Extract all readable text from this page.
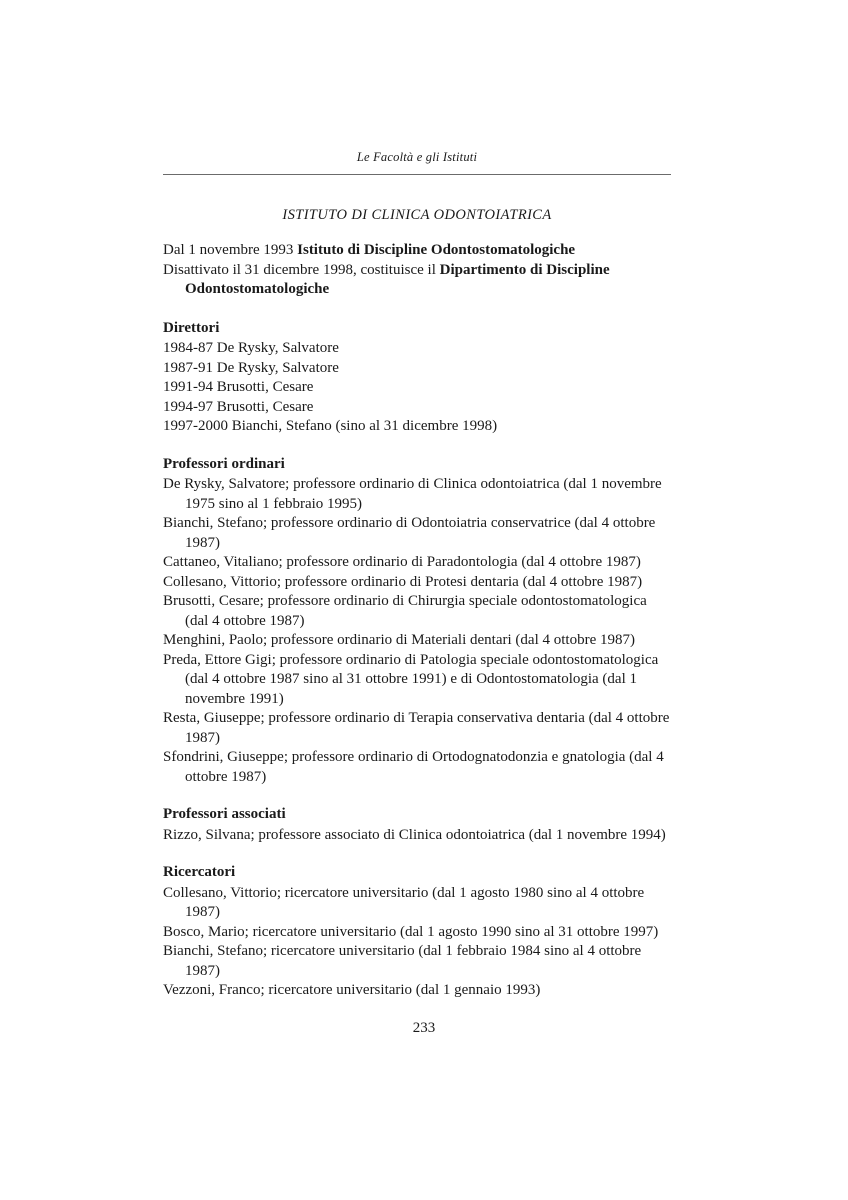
Le Facoltà e gli Istituti
ISTITUTO DI CLINICA ODONTOIATRICA

Dal 1 novembre 1993 Istituto di Discipline Odontostomatologiche

Disattivato il 31 dicembre 1998, costituisce il Dipartimento di Discipline Odontostomatologiche

Direttori

1984-87 De Rysky, Salvatore

1987-91 De Rysky, Salvatore

1991-94 Brusotti, Cesare

1994-97 Brusotti, Cesare

1997-2000 Bianchi, Stefano (sino al 31 dicembre 1998)

Professori ordinari

De Rysky, Salvatore; professore ordinario di Clinica odontoiatrica (dal 1 novembre 1975 sino al 1 febbraio 1995)

Bianchi, Stefano; professore ordinario di Odontoiatria conservatrice (dal 4 ottobre 1987)

Cattaneo, Vitaliano; professore ordinario di Paradontologia (dal 4 ottobre 1987)

Collesano, Vittorio; professore ordinario di Protesi dentaria (dal 4 ottobre 1987)

Brusotti, Cesare; professore ordinario di Chirurgia speciale odontostomatologica (dal 4 ottobre 1987)

Menghini, Paolo; professore ordinario di Materiali dentari (dal 4 ottobre 1987)

Preda, Ettore Gigi; professore ordinario di Patologia speciale odontostomatologica (dal 4 ottobre 1987 sino al 31 ottobre 1991) e di Odontostomatologia (dal 1 novembre 1991)

Resta, Giuseppe; professore ordinario di Terapia conservativa dentaria (dal 4 ottobre 1987)

Sfondrini, Giuseppe; professore ordinario di Ortodognatodonzia e gnatologia (dal 4 ottobre 1987)

Professori associati

Rizzo, Silvana; professore associato di Clinica odontoiatrica (dal 1 novembre 1994)

Ricercatori

Collesano, Vittorio; ricercatore universitario (dal 1 agosto 1980 sino al 4 ottobre 1987)

Bosco, Mario; ricercatore universitario (dal 1 agosto 1990 sino al 31 ottobre 1997)

Bianchi, Stefano; ricercatore universitario (dal 1 febbraio 1984 sino al 4 ottobre 1987)

Vezzoni, Franco; ricercatore universitario (dal 1 gennaio 1993)

233
